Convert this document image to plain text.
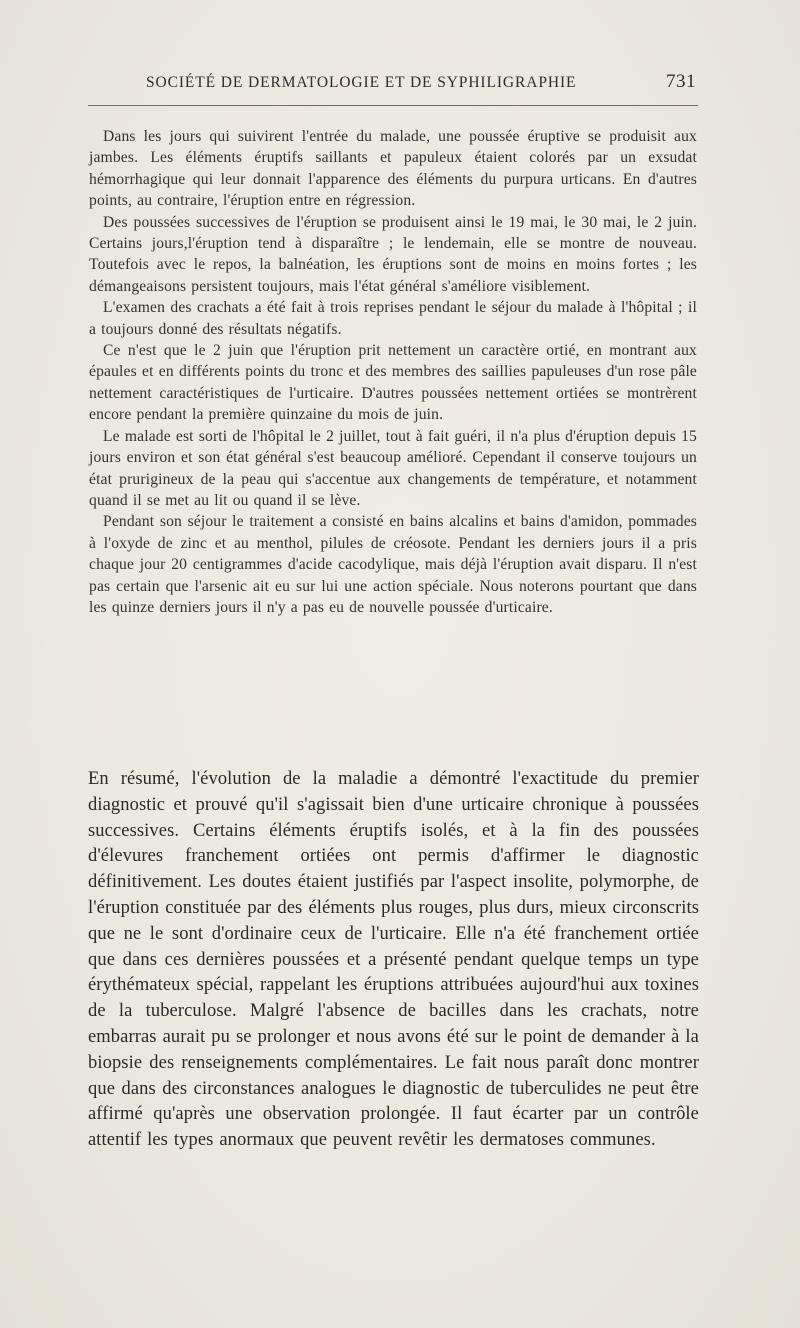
SOCIÉTÉ DE DERMATOLOGIE ET DE SYPHILIGRAPHIE	731

Dans les jours qui suivirent l'entrée du malade, une poussée éruptive se produisit aux jambes. Les éléments éruptifs saillants et papuleux étaient colorés par un exsudat hémorrhagique qui leur donnait l'apparence des éléments du purpura urticans. En d'autres points, au contraire, l'éruption entre en régression.

Des poussées successives de l'éruption se produisent ainsi le 19 mai, le 30 mai, le 2 juin. Certains jours,l'éruption tend à disparaître ; le lendemain, elle se montre de nouveau. Toutefois avec le repos, la balnéation, les éruptions sont de moins en moins fortes ; les démangeaisons persistent toujours, mais l'état général s'améliore visiblement.

L'examen des crachats a été fait à trois reprises pendant le séjour du malade à l'hôpital ; il a toujours donné des résultats négatifs.

Ce n'est que le 2 juin que l'éruption prit nettement un caractère ortié, en montrant aux épaules et en différents points du tronc et des membres des saillies papuleuses d'un rose pâle nettement caractéristiques de l'urticaire. D'autres poussées nettement ortiées se montrèrent encore pendant la première quinzaine du mois de juin.

Le malade est sorti de l'hôpital le 2 juillet, tout à fait guéri, il n'a plus d'éruption depuis 15 jours environ et son état général s'est beaucoup amélioré. Cependant il conserve toujours un état prurigineux de la peau qui s'accentue aux changements de température, et notamment quand il se met au lit ou quand il se lève.

Pendant son séjour le traitement a consisté en bains alcalins et bains d'amidon, pommades à l'oxyde de zinc et au menthol, pilules de créosote. Pendant les derniers jours il a pris chaque jour 20 centigrammes d'acide cacodylique, mais déjà l'éruption avait disparu. Il n'est pas certain que l'arsenic ait eu sur lui une action spéciale. Nous noterons pourtant que dans les quinze derniers jours il n'y a pas eu de nouvelle poussée d'urticaire.

En résumé, l'évolution de la maladie a démontré l'exactitude du premier diagnostic et prouvé qu'il s'agissait bien d'une urticaire chronique à poussées successives. Certains éléments éruptifs isolés, et à la fin des poussées d'élevures franchement ortiées ont permis d'affirmer le diagnostic définitivement. Les doutes étaient justifiés par l'aspect insolite, polymorphe, de l'éruption constituée par des éléments plus rouges, plus durs, mieux circonscrits que ne le sont d'ordinaire ceux de l'urticaire. Elle n'a été franchement ortiée que dans ces dernières poussées et a présenté pendant quelque temps un type érythémateux spécial, rappelant les éruptions attribuées aujourd'hui aux toxines de la tuberculose. Malgré l'absence de bacilles dans les crachats, notre embarras aurait pu se prolonger et nous avons été sur le point de demander à la biopsie des renseignements complémentaires. Le fait nous paraît donc montrer que dans des circonstances analogues le diagnostic de tuberculides ne peut être affirmé qu'après une observation prolongée. Il faut écarter par un contrôle attentif les types anormaux que peuvent revêtir les dermatoses communes.
